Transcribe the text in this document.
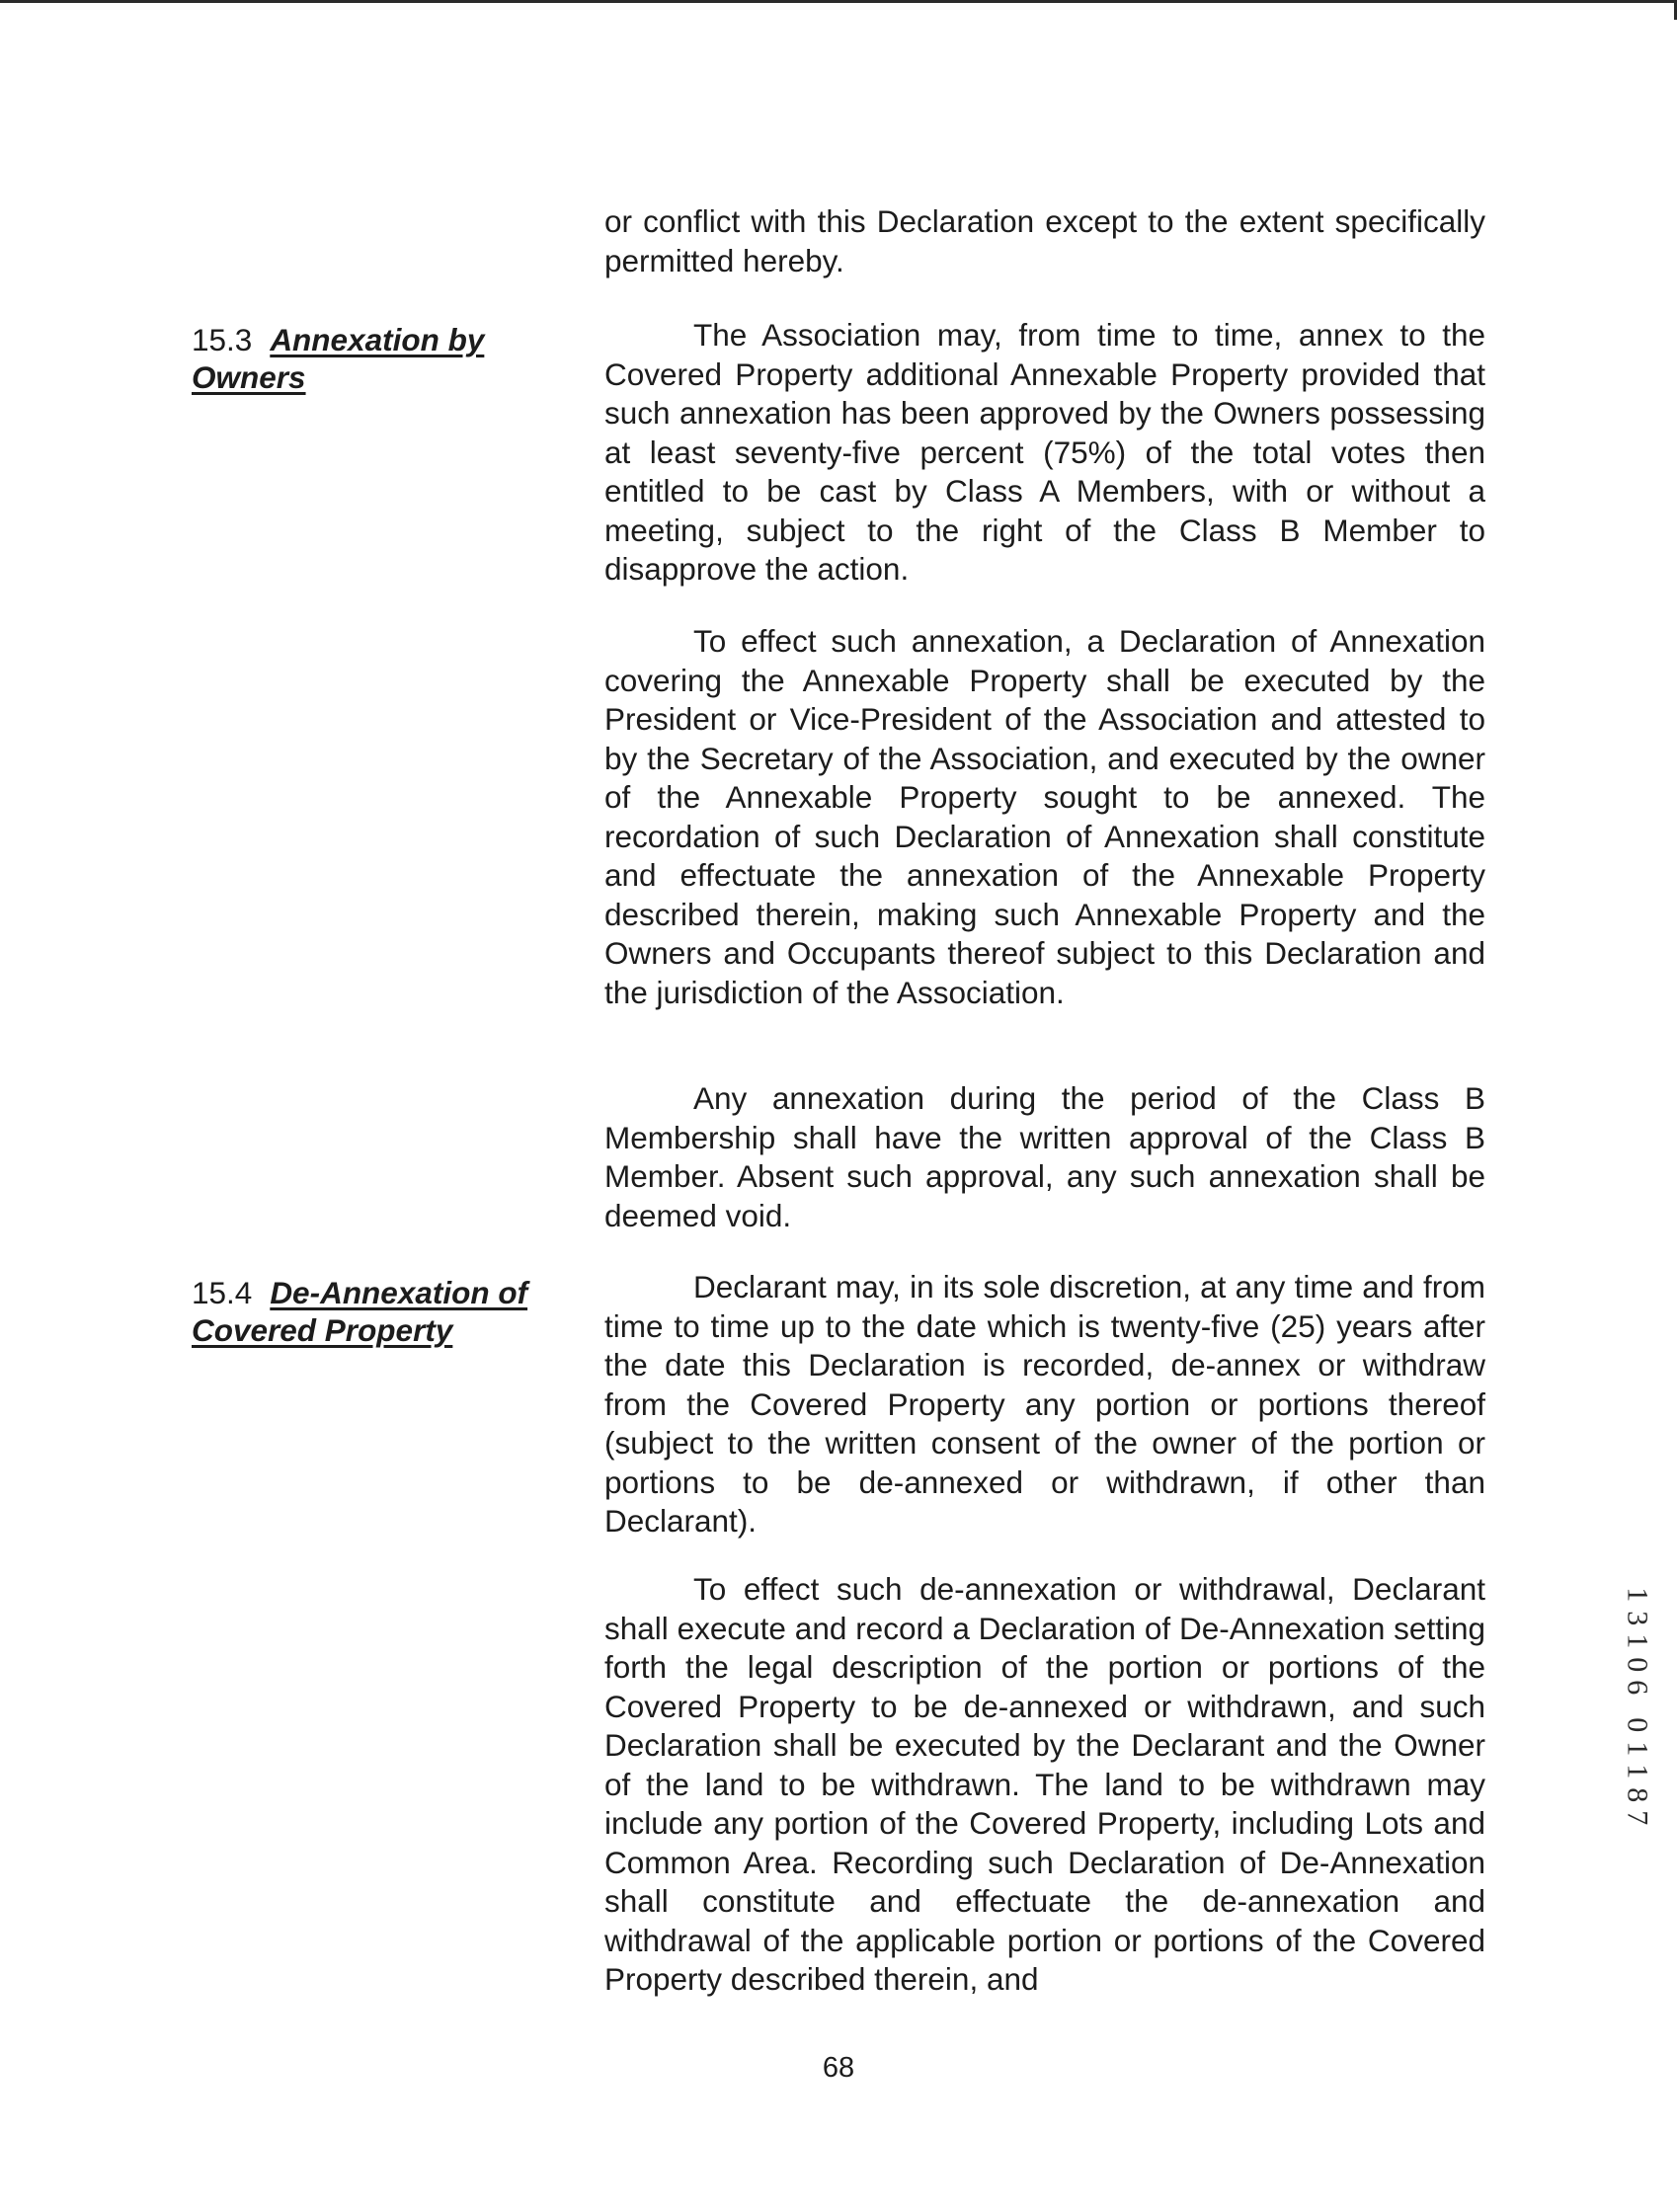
or conflict with this Declaration except to the extent specifically permitted hereby.

15.3 Annexation by
Owners

The Association may, from time to time, annex to the Covered Property additional Annexable Property provided that such annexation has been approved by the Owners possessing at least seventy-five percent (75%) of the total votes then entitled to be cast by Class A Members, with or without a meeting, subject to the right of the Class B Member to disapprove the action.

To effect such annexation, a Declaration of Annexation covering the Annexable Property shall be executed by the President or Vice-President of the Association and attested to by the Secretary of the Association, and executed by the owner of the Annexable Property sought to be annexed. The recordation of such Declaration of Annexation shall constitute and effectuate the annexation of the Annexable Property described therein, making such Annexable Property and the Owners and Occupants thereof subject to this Declaration and the jurisdiction of the Association.

Any annexation during the period of the Class B Membership shall have the written approval of the Class B Member. Absent such approval, any such annexation shall be deemed void.

15.4 De-Annexation of
Covered Property

Declarant may, in its sole discretion, at any time and from time to time up to the date which is twenty-five (25) years after the date this Declaration is recorded, de-annex or withdraw from the Covered Property any portion or portions thereof (subject to the written consent of the owner of the portion or portions to be de-annexed or withdrawn, if other than Declarant).

To effect such de-annexation or withdrawal, Declarant shall execute and record a Declaration of De-Annexation setting forth the legal description of the portion or portions of the Covered Property to be de-annexed or withdrawn, and such Declaration shall be executed by the Declarant and the Owner of the land to be withdrawn. The land to be withdrawn may include any portion of the Covered Property, including Lots and Common Area. Recording such Declaration of De-Annexation shall constitute and effectuate the de-annexation and withdrawal of the applicable portion or portions of the Covered Property described therein, and

68
1
3
1
0
6
0
1
1
8
7
